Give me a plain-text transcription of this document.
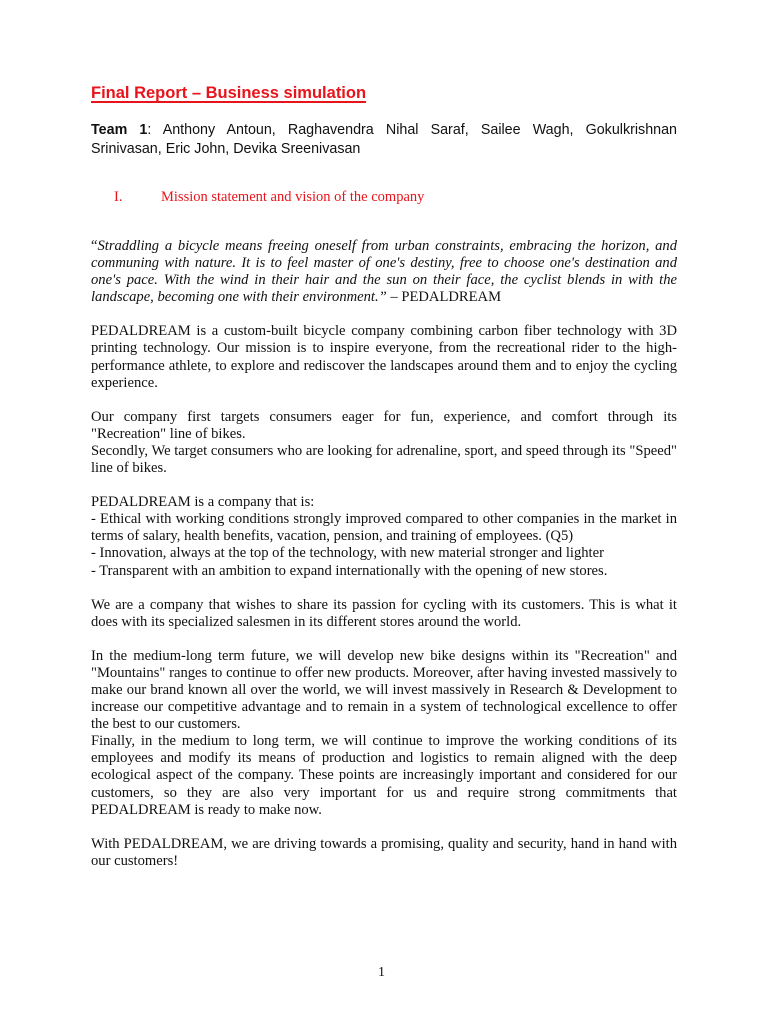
Final Report – Business simulation
Team 1: Anthony Antoun, Raghavendra Nihal Saraf, Sailee Wagh, Gokulkrishnan Srinivasan, Eric John, Devika Sreenivasan
I.	Mission statement and vision of the company

“Straddling a bicycle means freeing oneself from urban constraints, embracing the horizon, and communing with nature. It is to feel master of one's destiny, free to choose one's destination and one's pace. With the wind in their hair and the sun on their face, the cyclist blends in with the landscape, becoming one with their environment.” – PEDALDREAM

PEDALDREAM is a custom-built bicycle company combining carbon fiber technology with 3D printing technology. Our mission is to inspire everyone, from the recreational rider to the high-performance athlete, to explore and rediscover the landscapes around them and to enjoy the cycling experience.

Our company first targets consumers eager for fun, experience, and comfort through its "Recreation" line of bikes.
Secondly, We target consumers who are looking for adrenaline, sport, and speed through its "Speed" line of bikes.

PEDALDREAM is a company that is:
- Ethical with working conditions strongly improved compared to other companies in the market in terms of salary, health benefits, vacation, pension, and training of employees. (Q5)
- Innovation, always at the top of the technology, with new material stronger and lighter
- Transparent with an ambition to expand internationally with the opening of new stores.

We are a company that wishes to share its passion for cycling with its customers. This is what it does with its specialized salesmen in its different stores around the world.

In the medium-long term future, we will develop new bike designs within its "Recreation" and "Mountains" ranges to continue to offer new products. Moreover, after having invested massively to make our brand known all over the world, we will invest massively in Research & Development to increase our competitive advantage and to remain in a system of technological excellence to offer the best to our customers.
Finally, in the medium to long term, we will continue to improve the working conditions of its employees and modify its means of production and logistics to remain aligned with the deep ecological aspect of the company. These points are increasingly important and considered for our customers, so they are also very important for us and require strong commitments that PEDALDREAM is ready to make now.

With PEDALDREAM, we are driving towards a promising, quality and security, hand in hand with our customers!

1
